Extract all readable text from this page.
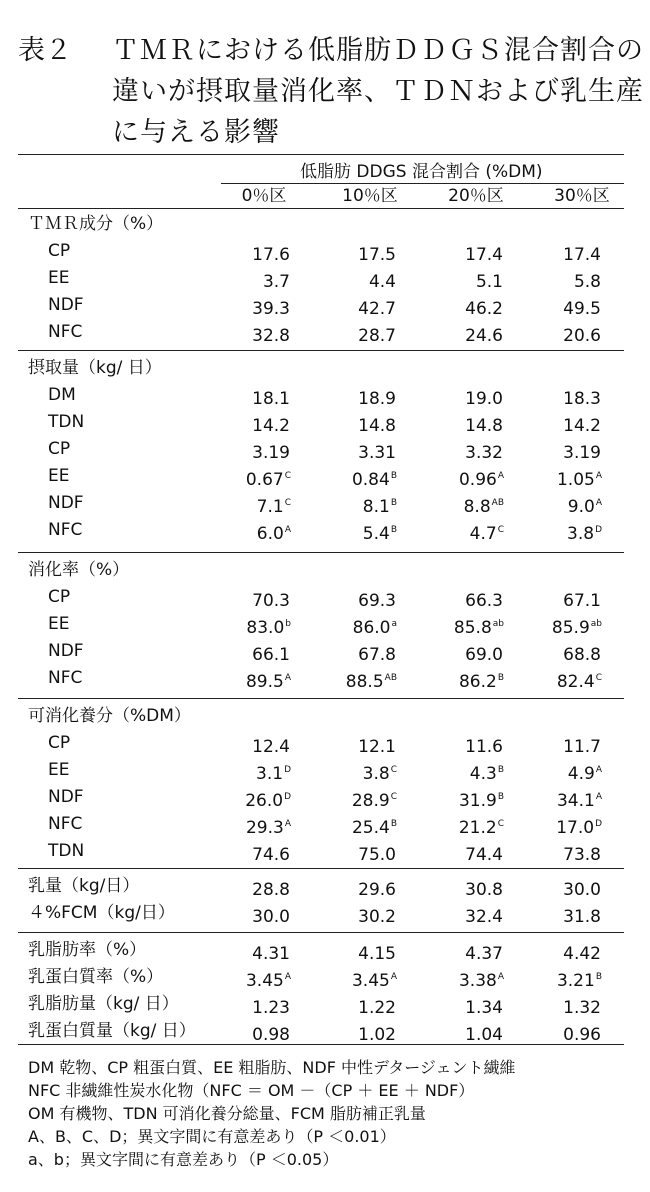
表２ ＴＭＲにおける低脂肪ＤＤＧＳ混合割合の
違いが摂取量消化率、ＴＤＮおよび乳生産
に与える影響
低脂肪 DDGS 混合割合 (%DM)
0％区	10％区	20％区	30％区
ＴＭＲ成分（%）
CP	17.6	17.5	17.4	17.4
EE	3.7	4.4	5.1	5.8
NDF	39.3	42.7	46.2	49.5
NFC	32.8	28.7	24.6	20.6
摂取量（kg/ 日）
DM	18.1	18.9	19.0	18.3
TDN	14.2	14.8	14.8	14.2
CP	3.19	3.31	3.32	3.19
EE	$0.67^C$	$0.84^B$	$0.96^A$	$1.05^A$
NDF	$7.1^C$	$8.1^B$	$8.8^{AB}$	$9.0^A$
NFC	$6.0^A$	$5.4^B$	$4.7^C$	$3.8^D$
消化率（%）
CP	70.3	69.3	66.3	67.1
EE	83.0$^b$	86.0$^a$	85.8$^{ab}$	85.9$^{ab}$
NDF	66.1	67.8	69.0	68.8
NFC	$89.5^A$	$88.5^{AB}$	$86.2^B$	$82.4^C$
可消化養分（%DM）
CP	12.4	12.1	11.6	11.7
EE	$3.1^D$	$3.8^C$	$4.3^B$	$4.9^A$
NDF	$26.0^D$	$28.9^C$	$31.9^B$	$34.1^A$
NFC	$29.3^A$	$25.4^B$	$21.2^C$	$17.0^D$
TDN	74.6	75.0	74.4	73.8
乳量（kg/日）	28.8	29.6	30.8	30.0
４%FCM（kg/日）	30.0	30.2	32.4	31.8
乳脂肪率（%）	4.31	4.15	4.37	4.42
乳蛋白質率（%）	$3.45^A$	$3.45^A$	$3.38^A$	$3.21^B$
乳脂肪量（kg/ 日）	1.23	1.22	1.34	1.32
乳蛋白質量（kg/ 日）	0.98	1.02	1.04	0.96
DM 乾物、CP 粗蛋白質、EE 粗脂肪、NDF 中性デタージェント繊維
NFC 非繊維性炭水化物（NFC ＝ OM －（CP ＋ EE ＋ NDF）
OM 有機物、TDN 可消化養分総量、FCM 脂肪補正乳量
A、B、C、D；異文字間に有意差あり（P ＜0.01）
a、b；異文字間に有意差あり（P ＜0.05）
